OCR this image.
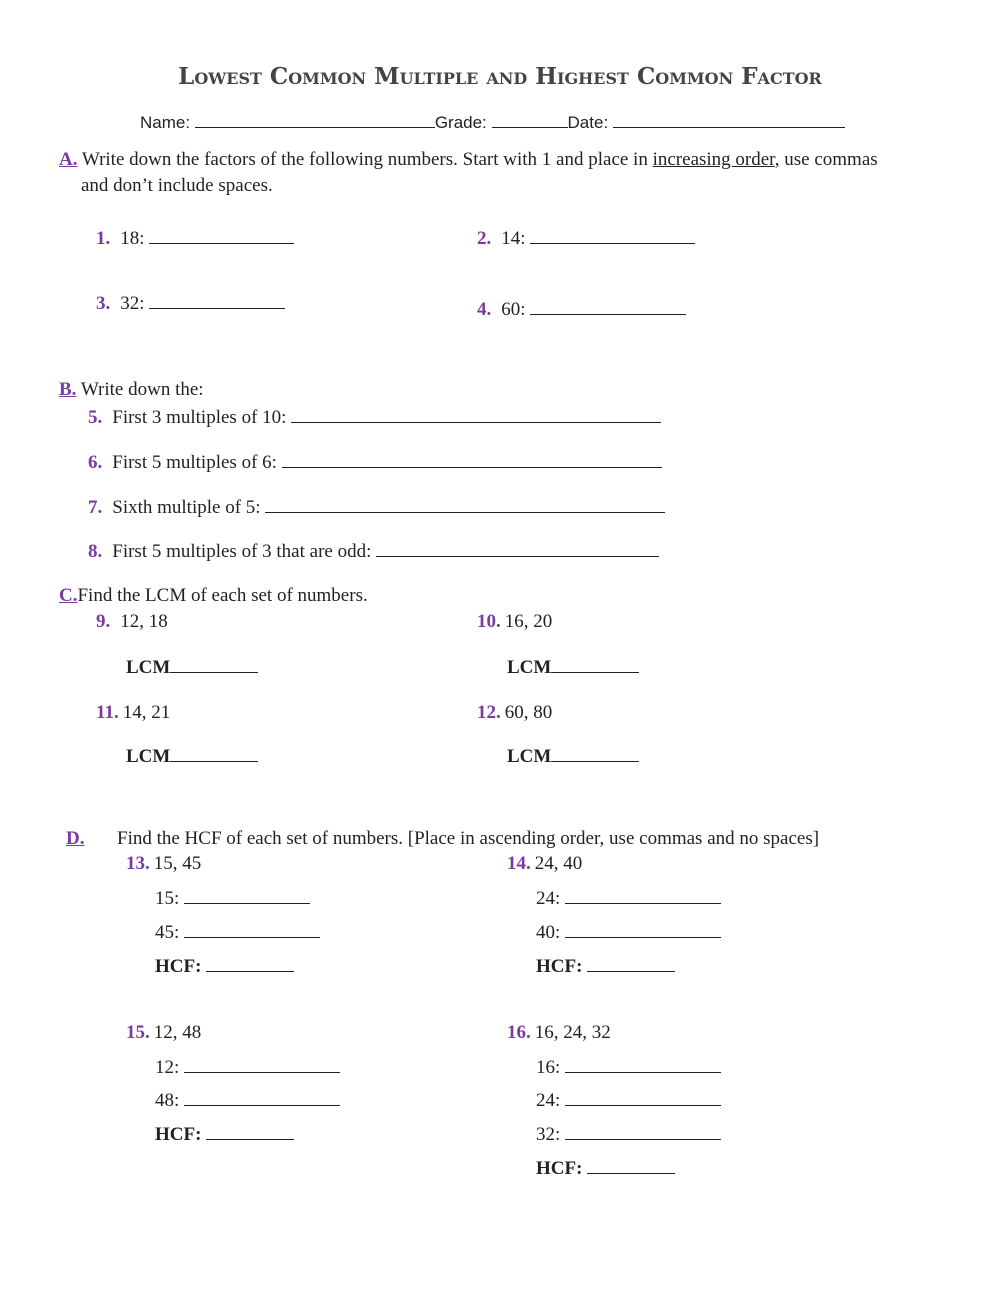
Lowest Common Multiple and Highest Common Factor
Name:	Grade:	Date:
A. Write down the factors of the following numbers. Start with 1 and place in increasing order, use commas
and don’t include spaces.
1. 18:	2. 14:
3. 32:	4. 60:
B. Write down the:
5. First 3 multiples of 10:
6. First 5 multiples of 6:
7. Sixth multiple of 5:
8. First 5 multiples of 3 that are odd:
C.Find the LCM of each set of numbers.
9. 12, 18
LCM
10. 16, 20
LCM
11. 14, 21
LCM
12. 60, 80
LCM
D. Find the HCF of each set of numbers. [Place in ascending order, use commas and no spaces]
13. 15, 45
15:
45:
HCF:
14. 24, 40
24:
40:
HCF:
15. 12, 48
12:
48:
HCF:
16. 16, 24, 32
16:
24:
32:
HCF:
